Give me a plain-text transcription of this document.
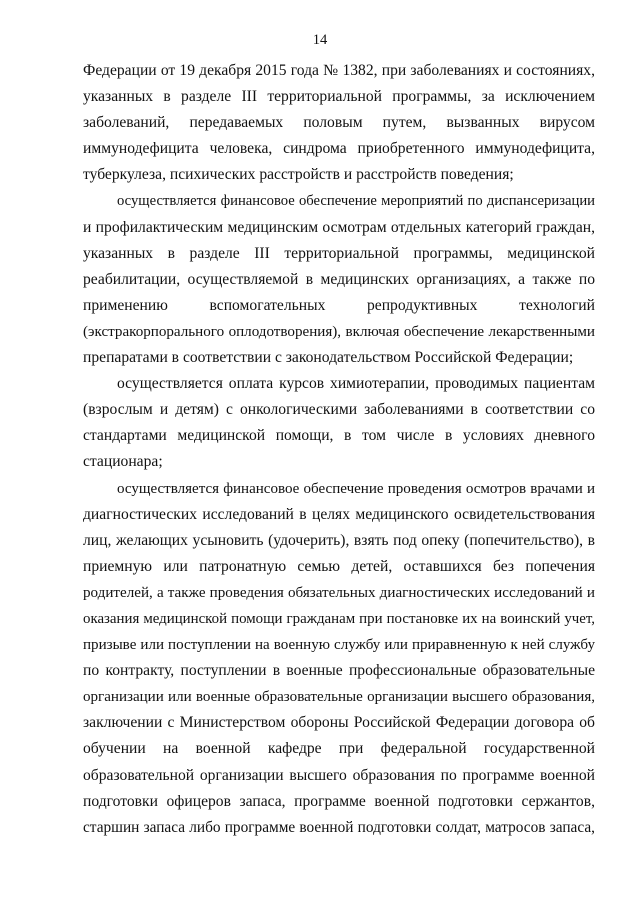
14
Федерации от 19 декабря 2015 года № 1382, при заболеваниях и состояниях,
указанных в разделе III территориальной программы, за исключением
заболеваний, передаваемых половым путем, вызванных вирусом
иммунодефицита человека, синдрома приобретенного иммунодефицита,
туберкулеза, психических расстройств и расстройств поведения;
осуществляется финансовое обеспечение мероприятий по диспансеризации
и профилактическим медицинским осмотрам отдельных категорий граждан,
указанных в разделе III территориальной программы, медицинской
реабилитации, осуществляемой в медицинских организациях, а также по
применению вспомогательных репродуктивных технологий
(экстракорпорального оплодотворения), включая обеспечение лекарственными
препаратами в соответствии с законодательством Российской Федерации;
осуществляется оплата курсов химиотерапии, проводимых пациентам
(взрослым и детям) с онкологическими заболеваниями в соответствии со
стандартами медицинской помощи, в том числе в условиях дневного
стационара;
осуществляется финансовое обеспечение проведения осмотров врачами и
диагностических исследований в целях медицинского освидетельствования
лиц, желающих усыновить (удочерить), взять под опеку (попечительство), в
приемную или патронатную семью детей, оставшихся без попечения
родителей, а также проведения обязательных диагностических исследований и
оказания медицинской помощи гражданам при постановке их на воинский учет,
призыве или поступлении на военную службу или приравненную к ней службу
по контракту, поступлении в военные профессиональные образовательные
организации или военные образовательные организации высшего образования,
заключении с Министерством обороны Российской Федерации договора об
обучении на военной кафедре при федеральной государственной
образовательной организации высшего образования по программе военной
подготовки офицеров запаса, программе военной подготовки сержантов,
старшин запаса либо программе военной подготовки солдат, матросов запаса,
